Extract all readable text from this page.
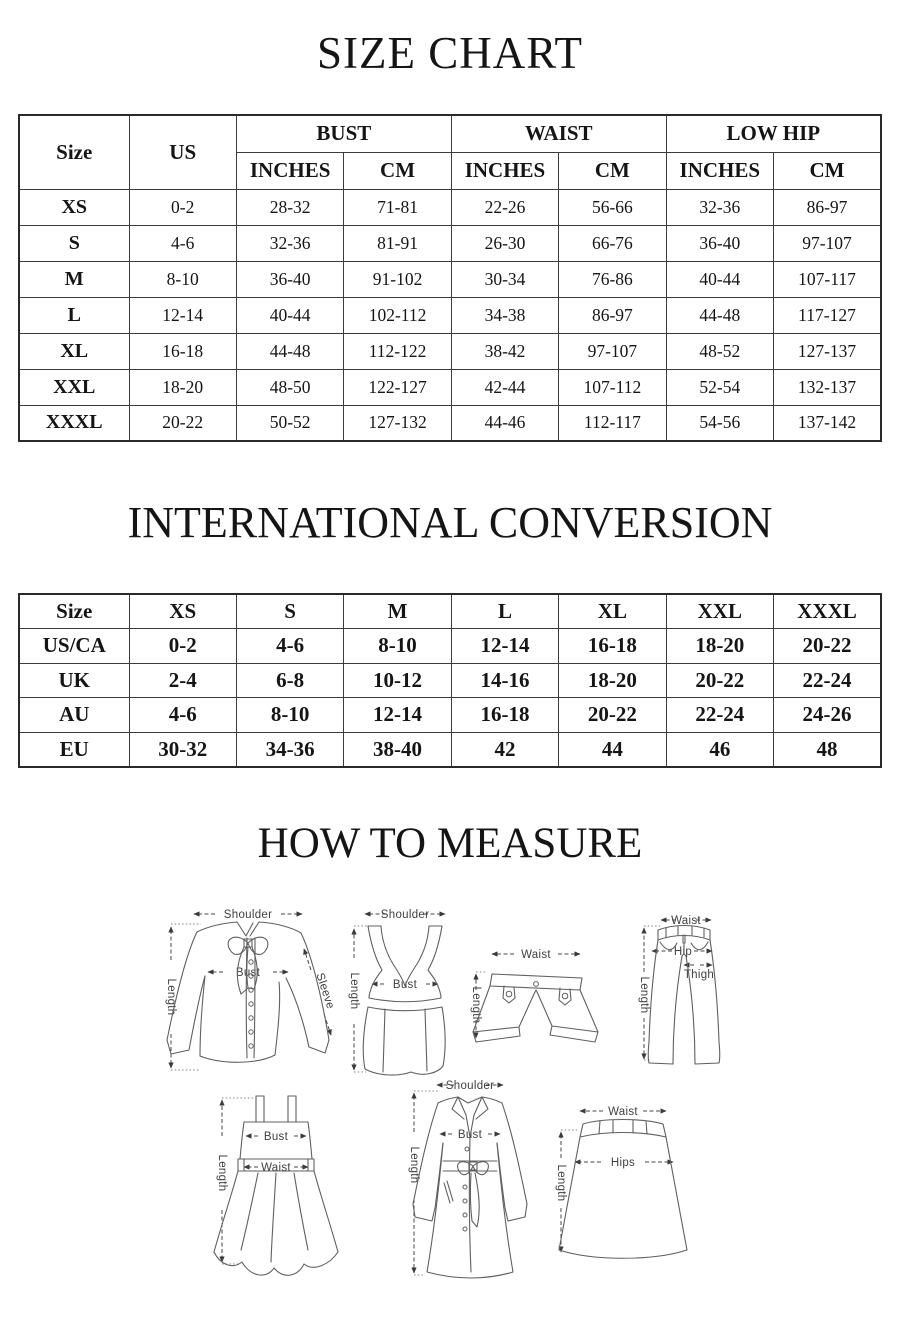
SIZE CHART
Size	US	BUST		WAIST		LOW HIP	
		INCHES	CM	INCHES	CM	INCHES	CM
XS	0-2	28-32	71-81	22-26	56-66	32-36	86-97
S	4-6	32-36	81-91	26-30	66-76	36-40	97-107
M	8-10	36-40	91-102	30-34	76-86	40-44	107-117
L	12-14	40-44	102-112	34-38	86-97	44-48	117-127
XL	16-18	44-48	112-122	38-42	97-107	48-52	127-137
XXL	18-20	48-50	122-127	42-44	107-112	52-54	132-137
XXXL	20-22	50-52	127-132	44-46	112-117	54-56	137-142
INTERNATIONAL CONVERSION
Size	XS	S	M	L	XL	XXL	XXXL
US/CA	0-2	4-6	8-10	12-14	16-18	18-20	20-22
UK	2-4	6-8	10-12	14-16	18-20	20-22	22-24
AU	4-6	8-10	12-14	16-18	20-22	22-24	24-26
EU	30-32	34-36	38-40	42	44	46	48
HOW TO MEASURE
Shoulder
Length
Bust	Sleeve
Shoulder
Length	Bust
Waist
Length
Waist
Hip
Thigh
Length
Length
Bust
Waist
Shoulder
Length
Bust
Waist
Hips
Length
